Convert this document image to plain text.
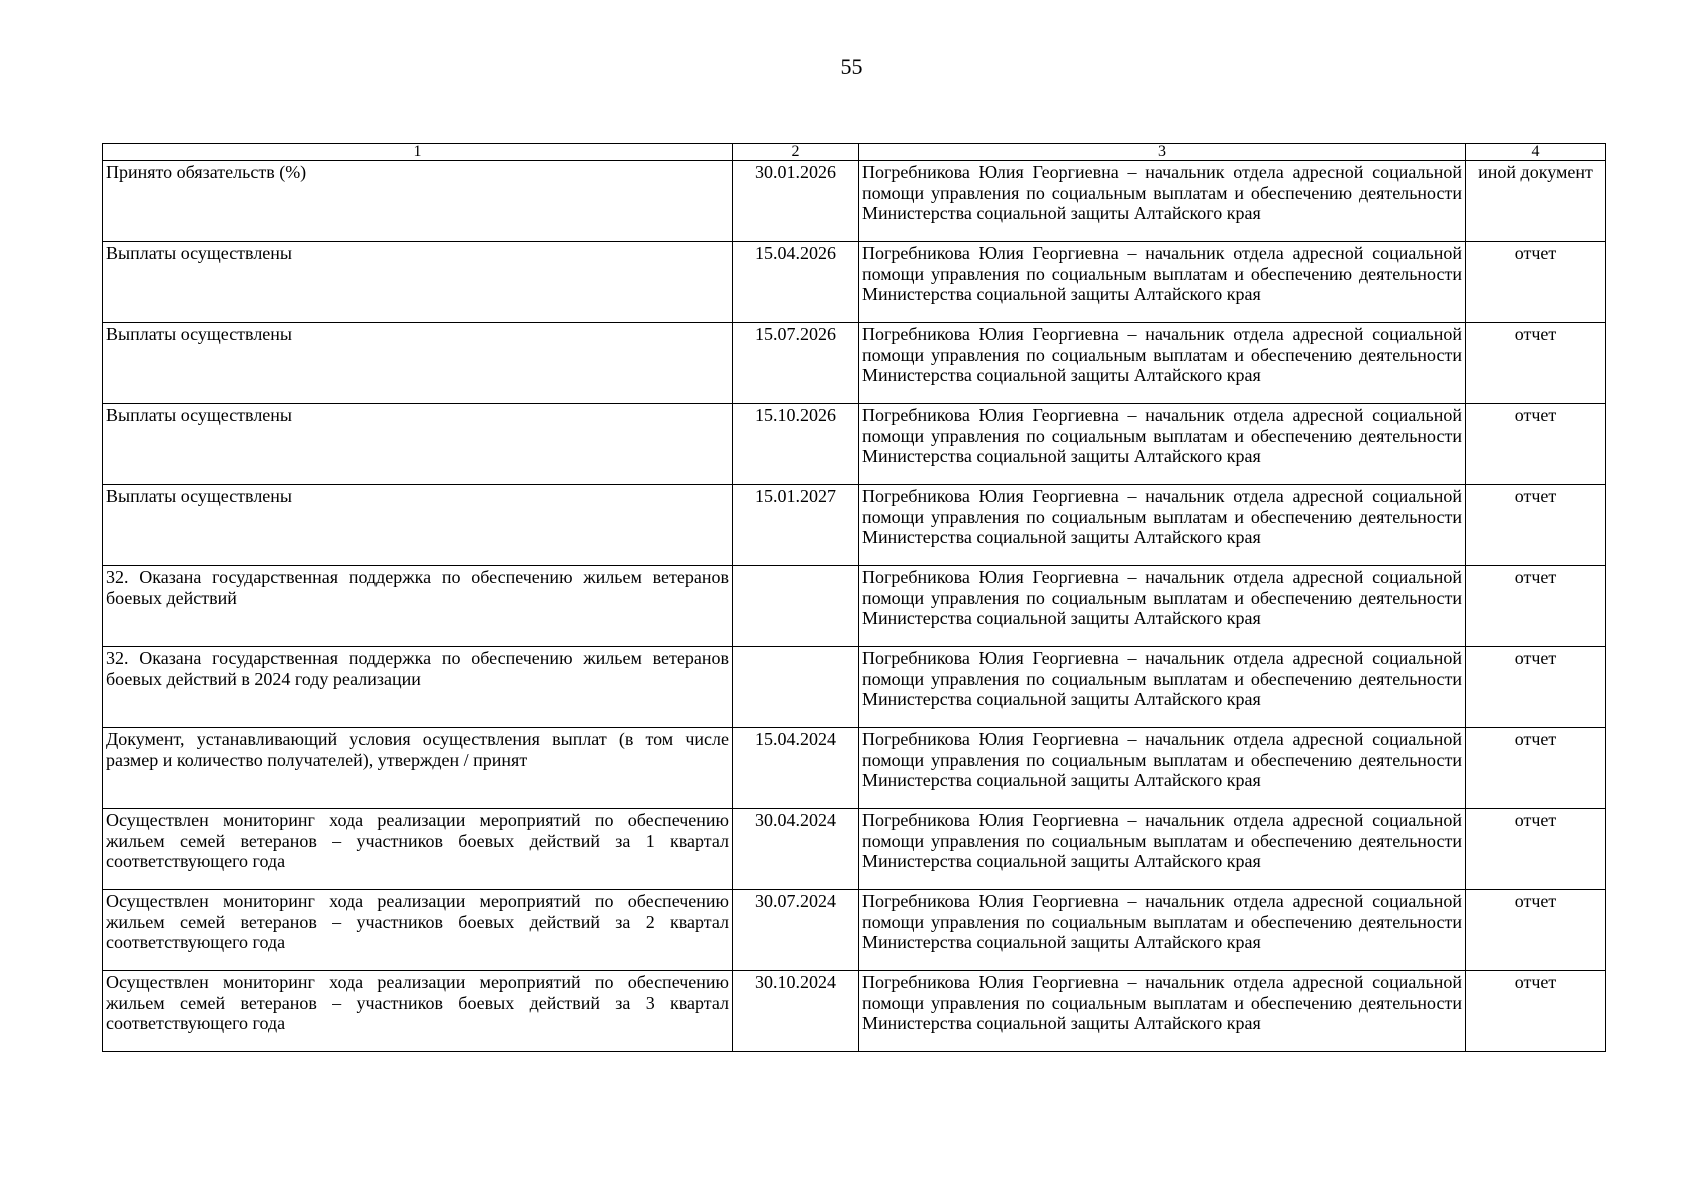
55
1	2	3	4
Принято обязательств (%)	30.01.2026	Погребникова Юлия Георгиевна – начальник отдела адресной социальной помощи управления по социальным выплатам и обеспечению деятельности Министерства социальной защиты Алтайского края	иной документ
Выплаты осуществлены	15.04.2026	Погребникова Юлия Георгиевна – начальник отдела адресной социальной помощи управления по социальным выплатам и обеспечению деятельности Министерства социальной защиты Алтайского края	отчет
Выплаты осуществлены	15.07.2026	Погребникова Юлия Георгиевна – начальник отдела адресной социальной помощи управления по социальным выплатам и обеспечению деятельности Министерства социальной защиты Алтайского края	отчет
Выплаты осуществлены	15.10.2026	Погребникова Юлия Георгиевна – начальник отдела адресной социальной помощи управления по социальным выплатам и обеспечению деятельности Министерства социальной защиты Алтайского края	отчет
Выплаты осуществлены	15.01.2027	Погребникова Юлия Георгиевна – начальник отдела адресной социальной помощи управления по социальным выплатам и обеспечению деятельности Министерства социальной защиты Алтайского края	отчет
32. Оказана государственная поддержка по обеспечению жильем ветеранов боевых действий		Погребникова Юлия Георгиевна – начальник отдела адресной социальной помощи управления по социальным выплатам и обеспечению деятельности Министерства социальной защиты Алтайского края	отчет
32. Оказана государственная поддержка по обеспечению жильем ветеранов боевых действий в 2024 году реализации		Погребникова Юлия Георгиевна – начальник отдела адресной социальной помощи управления по социальным выплатам и обеспечению деятельности Министерства социальной защиты Алтайского края	отчет
Документ, устанавливающий условия осуществления выплат (в том числе размер и количество получателей), утвержден / принят	15.04.2024	Погребникова Юлия Георгиевна – начальник отдела адресной социальной помощи управления по социальным выплатам и обеспечению деятельности Министерства социальной защиты Алтайского края	отчет
Осуществлен мониторинг хода реализации мероприятий по обеспечению жильем семей ветеранов – участников боевых действий за 1 квартал соответствующего года	30.04.2024	Погребникова Юлия Георгиевна – начальник отдела адресной социальной помощи управления по социальным выплатам и обеспечению деятельности Министерства социальной защиты Алтайского края	отчет
Осуществлен мониторинг хода реализации мероприятий по обеспечению жильем семей ветеранов – участников боевых действий за 2 квартал соответствующего года	30.07.2024	Погребникова Юлия Георгиевна – начальник отдела адресной социальной помощи управления по социальным выплатам и обеспечению деятельности Министерства социальной защиты Алтайского края	отчет
Осуществлен мониторинг хода реализации мероприятий по обеспечению жильем семей ветеранов – участников боевых действий за 3 квартал соответствующего года	30.10.2024	Погребникова Юлия Георгиевна – начальник отдела адресной социальной помощи управления по социальным выплатам и обеспечению деятельности Министерства социальной защиты Алтайского края	отчет
